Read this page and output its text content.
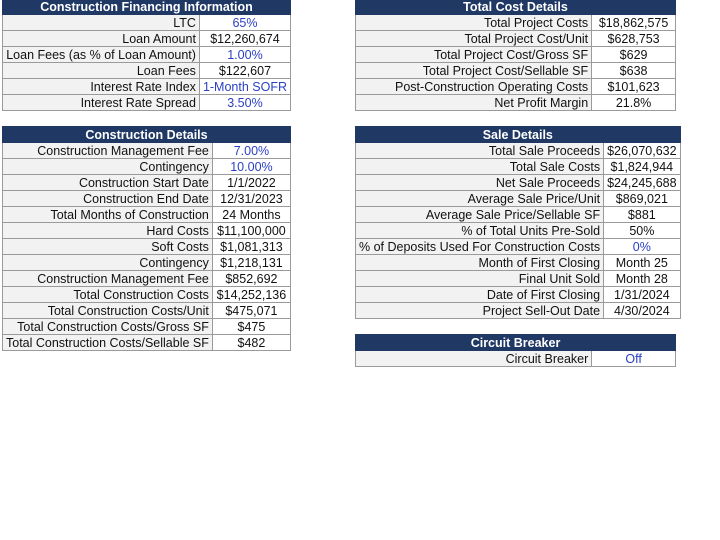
Construction Financing Information	
LTC	65%
Loan Amount	$12,260,674
Loan Fees (as % of Loan Amount)	1.00%
Loan Fees	$122,607
Interest Rate Index	1-Month SOFR
Interest Rate Spread	3.50%
Total Cost Details	
Total Project Costs	$18,862,575
Total Project Cost/Unit	$628,753
Total Project Cost/Gross SF	$629
Total Project Cost/Sellable SF	$638
Post-Construction Operating Costs	$101,623
Net Profit Margin	21.8%
Construction Details	
Construction Management Fee	7.00%
Contingency	10.00%
Construction Start Date	1/1/2022
Construction End Date	12/31/2023
Total Months of Construction	24 Months
Hard Costs	$11,100,000
Soft Costs	$1,081,313
Contingency	$1,218,131
Construction Management Fee	$852,692
Total Construction Costs	$14,252,136
Total Construction Costs/Unit	$475,071
Total Construction Costs/Gross SF	$475
Total Construction Costs/Sellable SF	$482
Sale Details	
Total Sale Proceeds	$26,070,632
Total Sale Costs	$1,824,944
Net Sale Proceeds	$24,245,688
Average Sale Price/Unit	$869,021
Average Sale Price/Sellable SF	$881
% of Total Units Pre-Sold	50%
% of Deposits Used For Construction Costs	0%
Month of First Closing	Month 25
Final Unit Sold	Month 28
Date of First Closing	1/31/2024
Project Sell-Out Date	4/30/2024
Circuit Breaker
Circuit Breaker	Off
